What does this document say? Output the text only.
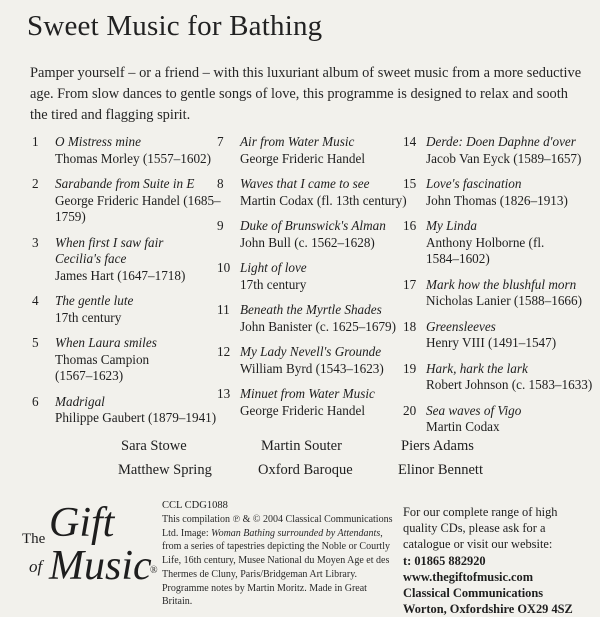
Sweet Music for Bathing
Pamper yourself – or a friend – with this luxuriant album of sweet music from a more seductive age. From slow dances to gentle songs of love, this programme is designed to relax and sooth the tired and flagging spirit.
1 O Mistress mine
Thomas Morley (1557–1602)
2 Sarabande from Suite in E
George Frideric Handel (1685–1759)
3 When first I saw fair Cecilia's face
James Hart (1647–1718)
4 The gentle lute
17th century
5 When Laura smiles
Thomas Campion (1567–1623)
6 Madrigal
Philippe Gaubert (1879–1941)
7 Air from Water Music
George Frideric Handel
8 Waves that I came to see
Martin Codax (fl. 13th century)
9 Duke of Brunswick's Alman
John Bull (c. 1562–1628)
10 Light of love
17th century
11 Beneath the Myrtle Shades
John Banister (c. 1625–1679)
12 My Lady Nevell's Grounde
William Byrd (1543–1623)
13 Minuet from Water Music
George Frideric Handel
14 Derde: Doen Daphne d'over
Jacob Van Eyck (1589–1657)
15 Love's fascination
John Thomas (1826–1913)
16 My Linda
Anthony Holborne (fl. 1584–1602)
17 Mark how the blushful morn
Nicholas Lanier (1588–1666)
18 Greensleeves
Henry VIII (1491–1547)
19 Hark, hark the lark
Robert Johnson (c. 1583–1633)
20 Sea waves of Vigo
Martin Codax
Sara Stowe	Martin Souter	Piers Adams
Matthew Spring	Oxford Baroque	Elinor Bennett
The Gift
of Music
®
CCL CDG1088
This compilation ℗ & © 2004 Classical Communications Ltd. Image: Woman Bathing surrounded by Attendants, from a series of tapestries depicting the Noble or Courtly Life, 16th century, Musee National du Moyen Age et des Thermes de Cluny, Paris/Bridgeman Art Library. Programme notes by Martin Moritz. Made in Great Britain.
For our complete range of high quality CDs, please ask for a catalogue or visit our website:
t: 01865 882920
www.thegiftofmusic.com
Classical Communications
Worton, Oxfordshire OX29 4SZ
